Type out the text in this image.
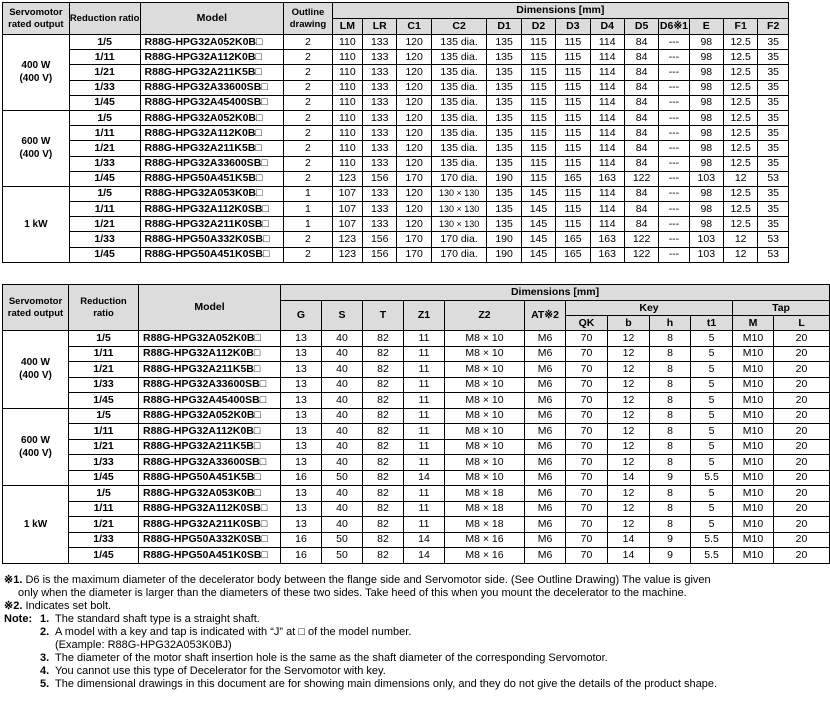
Servomotor rated output	Reduction ratio	Model	Outline drawing	Dimensions [mm]												
				LM	LR	C1	C2	D1	D2	D3	D4	D5	D6※1	E	F1	F2
400 W
(400 V)	1/5	R88G-HPG32A052K0B□	2	110	133	120	135 dia.	135	115	115	114	84	---	98	12.5	35
	1/11	R88G-HPG32A112K0B□	2	110	133	120	135 dia.	135	115	115	114	84	---	98	12.5	35
	1/21	R88G-HPG32A211K5B□	2	110	133	120	135 dia.	135	115	115	114	84	---	98	12.5	35
	1/33	R88G-HPG32A33600SB□	2	110	133	120	135 dia.	135	115	115	114	84	---	98	12.5	35
	1/45	R88G-HPG32A45400SB□	2	110	133	120	135 dia.	135	115	115	114	84	---	98	12.5	35
600 W
(400 V)	1/5	R88G-HPG32A052K0B□	2	110	133	120	135 dia.	135	115	115	114	84	---	98	12.5	35
	1/11	R88G-HPG32A112K0B□	2	110	133	120	135 dia.	135	115	115	114	84	---	98	12.5	35
	1/21	R88G-HPG32A211K5B□	2	110	133	120	135 dia.	135	115	115	114	84	---	98	12.5	35
	1/33	R88G-HPG32A33600SB□	2	110	133	120	135 dia.	135	115	115	114	84	---	98	12.5	35
	1/45	R88G-HPG50A451K5B□	2	123	156	170	170 dia.	190	115	165	163	122	---	103	12	53
1 kW	1/5	R88G-HPG32A053K0B□	1	107	133	120	130 × 130	135	145	115	114	84	---	98	12.5	35
	1/11	R88G-HPG32A112K0SB□	1	107	133	120	130 × 130	135	145	115	114	84	---	98	12.5	35
	1/21	R88G-HPG32A211K0SB□	1	107	133	120	130 × 130	135	145	115	114	84	---	98	12.5	35
	1/33	R88G-HPG50A332K0SB□	2	123	156	170	170 dia.	190	145	165	163	122	---	103	12	53
	1/45	R88G-HPG50A451K0SB□	2	123	156	170	170 dia.	190	145	165	163	122	---	103	12	53
Servomotor rated output	Reduction ratio	Model	Dimensions [mm]											
			G	S	T	Z1	Z2	AT※2	Key				Tap	
									QK	b	h	t1	M	L
400 W
(400 V)	1/5	R88G-HPG32A052K0B□	13	40	82	11	M8 × 10	M6	70	12	8	5	M10	20
	1/11	R88G-HPG32A112K0B□	13	40	82	11	M8 × 10	M6	70	12	8	5	M10	20
	1/21	R88G-HPG32A211K5B□	13	40	82	11	M8 × 10	M6	70	12	8	5	M10	20
	1/33	R88G-HPG32A33600SB□	13	40	82	11	M8 × 10	M6	70	12	8	5	M10	20
	1/45	R88G-HPG32A45400SB□	13	40	82	11	M8 × 10	M6	70	12	8	5	M10	20
600 W
(400 V)	1/5	R88G-HPG32A052K0B□	13	40	82	11	M8 × 10	M6	70	12	8	5	M10	20
	1/11	R88G-HPG32A112K0B□	13	40	82	11	M8 × 10	M6	70	12	8	5	M10	20
	1/21	R88G-HPG32A211K5B□	13	40	82	11	M8 × 10	M6	70	12	8	5	M10	20
	1/33	R88G-HPG32A33600SB□	13	40	82	11	M8 × 10	M6	70	12	8	5	M10	20
	1/45	R88G-HPG50A451K5B□	16	50	82	14	M8 × 10	M6	70	14	9	5.5	M10	20
1 kW	1/5	R88G-HPG32A053K0B□	13	40	82	11	M8 × 18	M6	70	12	8	5	M10	20
	1/11	R88G-HPG32A112K0SB□	13	40	82	11	M8 × 18	M6	70	12	8	5	M10	20
	1/21	R88G-HPG32A211K0SB□	13	40	82	11	M8 × 18	M6	70	12	8	5	M10	20
	1/33	R88G-HPG50A332K0SB□	16	50	82	14	M8 × 16	M6	70	14	9	5.5	M10	20
	1/45	R88G-HPG50A451K0SB□	16	50	82	14	M8 × 16	M6	70	14	9	5.5	M10	20
※1. D6 is the maximum diameter of the decelerator body between the flange side and Servomotor side. (See Outline Drawing) The value is given
only when the diameter is larger than the diameters of these two sides. Take heed of this when you mount the decelerator to the machine.
※2. Indicates set bolt.
Note: 1. The standard shaft type is a straight shaft.
2. A model with a key and tap is indicated with “J” at □ of the model number.
(Example: R88G-HPG32A053K0BJ)
3. The diameter of the motor shaft insertion hole is the same as the shaft diameter of the corresponding Servomotor.
4. You cannot use this type of Decelerator for the Servomotor with key.
5. The dimensional drawings in this document are for showing main dimensions only, and they do not give the details of the product shape.
